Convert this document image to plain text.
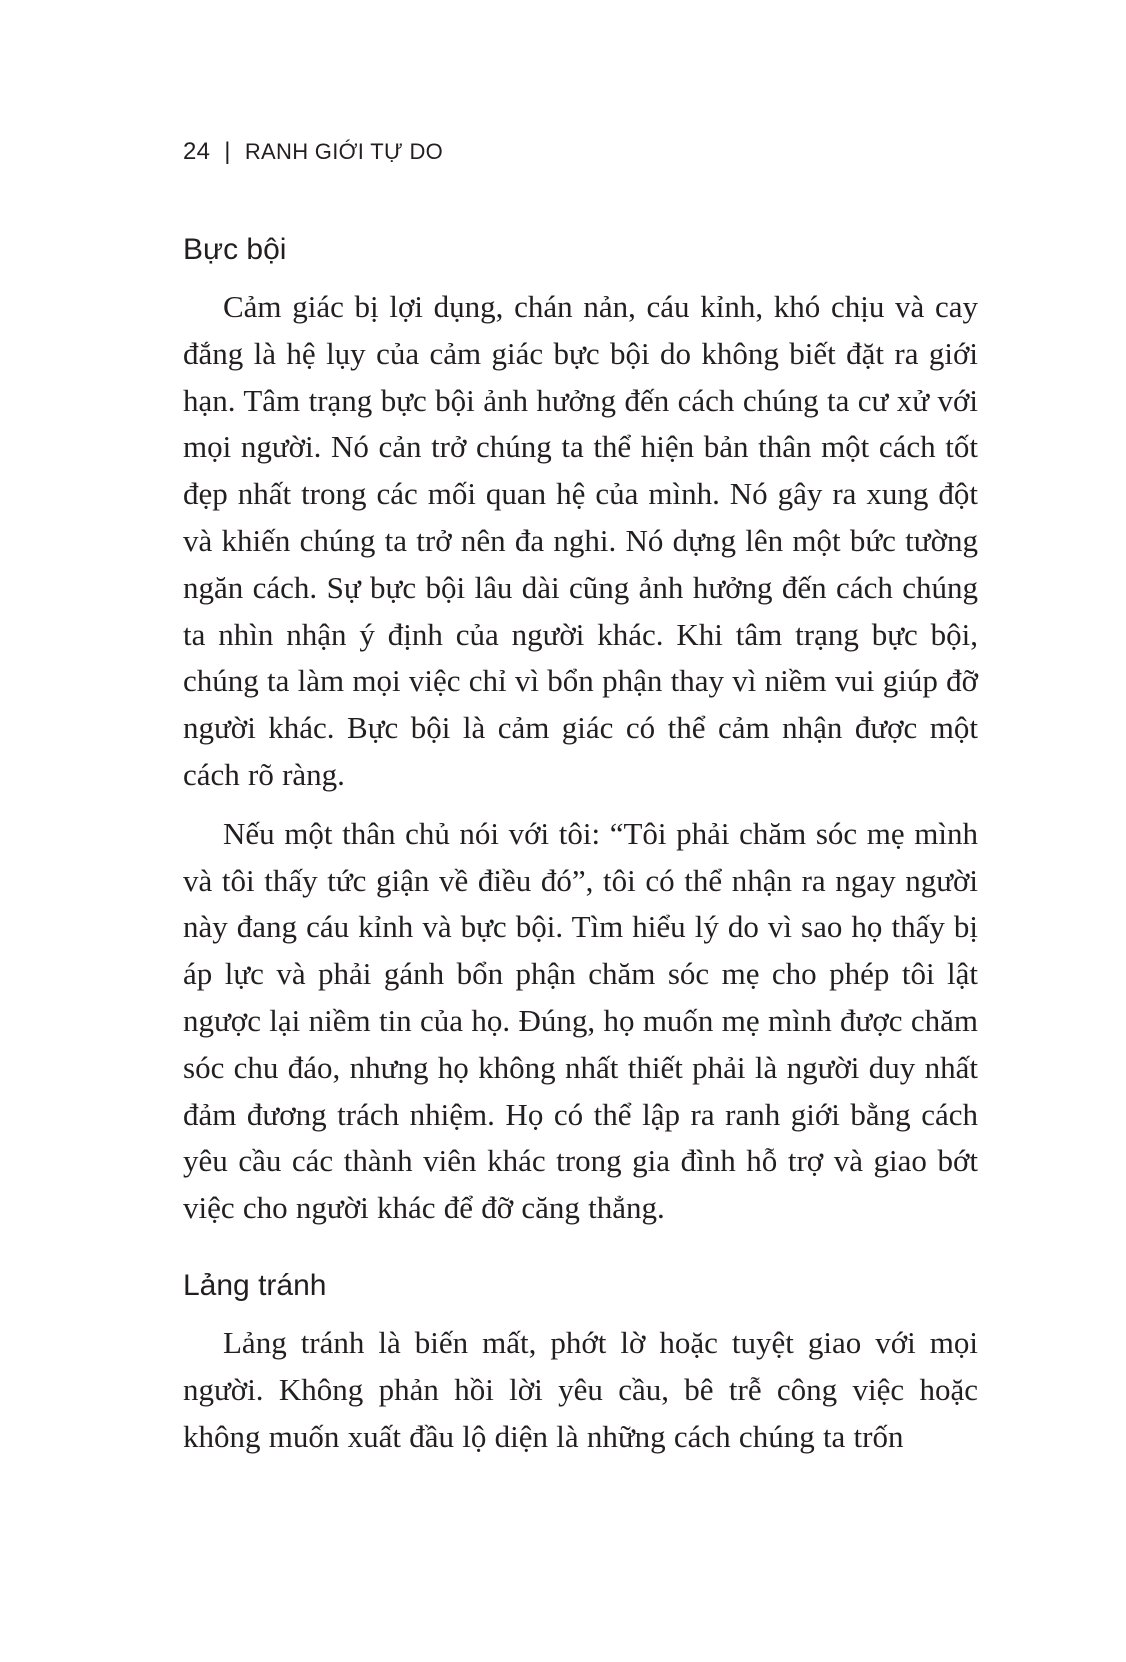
24 | RANH GIỚI TỰ DO
Bực bội

Cảm giác bị lợi dụng, chán nản, cáu kỉnh, khó chịu và cay đắng là hệ lụy của cảm giác bực bội do không biết đặt ra giới hạn. Tâm trạng bực bội ảnh hưởng đến cách chúng ta cư xử với mọi người. Nó cản trở chúng ta thể hiện bản thân một cách tốt đẹp nhất trong các mối quan hệ của mình. Nó gây ra xung đột và khiến chúng ta trở nên đa nghi. Nó dựng lên một bức tường ngăn cách. Sự bực bội lâu dài cũng ảnh hưởng đến cách chúng ta nhìn nhận ý định của người khác. Khi tâm trạng bực bội, chúng ta làm mọi việc chỉ vì bổn phận thay vì niềm vui giúp đỡ người khác. Bực bội là cảm giác có thể cảm nhận được một cách rõ ràng.

Nếu một thân chủ nói với tôi: “Tôi phải chăm sóc mẹ mình và tôi thấy tức giận về điều đó”, tôi có thể nhận ra ngay người này đang cáu kỉnh và bực bội. Tìm hiểu lý do vì sao họ thấy bị áp lực và phải gánh bổn phận chăm sóc mẹ cho phép tôi lật ngược lại niềm tin của họ. Đúng, họ muốn mẹ mình được chăm sóc chu đáo, nhưng họ không nhất thiết phải là người duy nhất đảm đương trách nhiệm. Họ có thể lập ra ranh giới bằng cách yêu cầu các thành viên khác trong gia đình hỗ trợ và giao bớt việc cho người khác để đỡ căng thẳng.

Lảng tránh

Lảng tránh là biến mất, phớt lờ hoặc tuyệt giao với mọi người. Không phản hồi lời yêu cầu, bê trễ công việc hoặc không muốn xuất đầu lộ diện là những cách chúng ta trốn
